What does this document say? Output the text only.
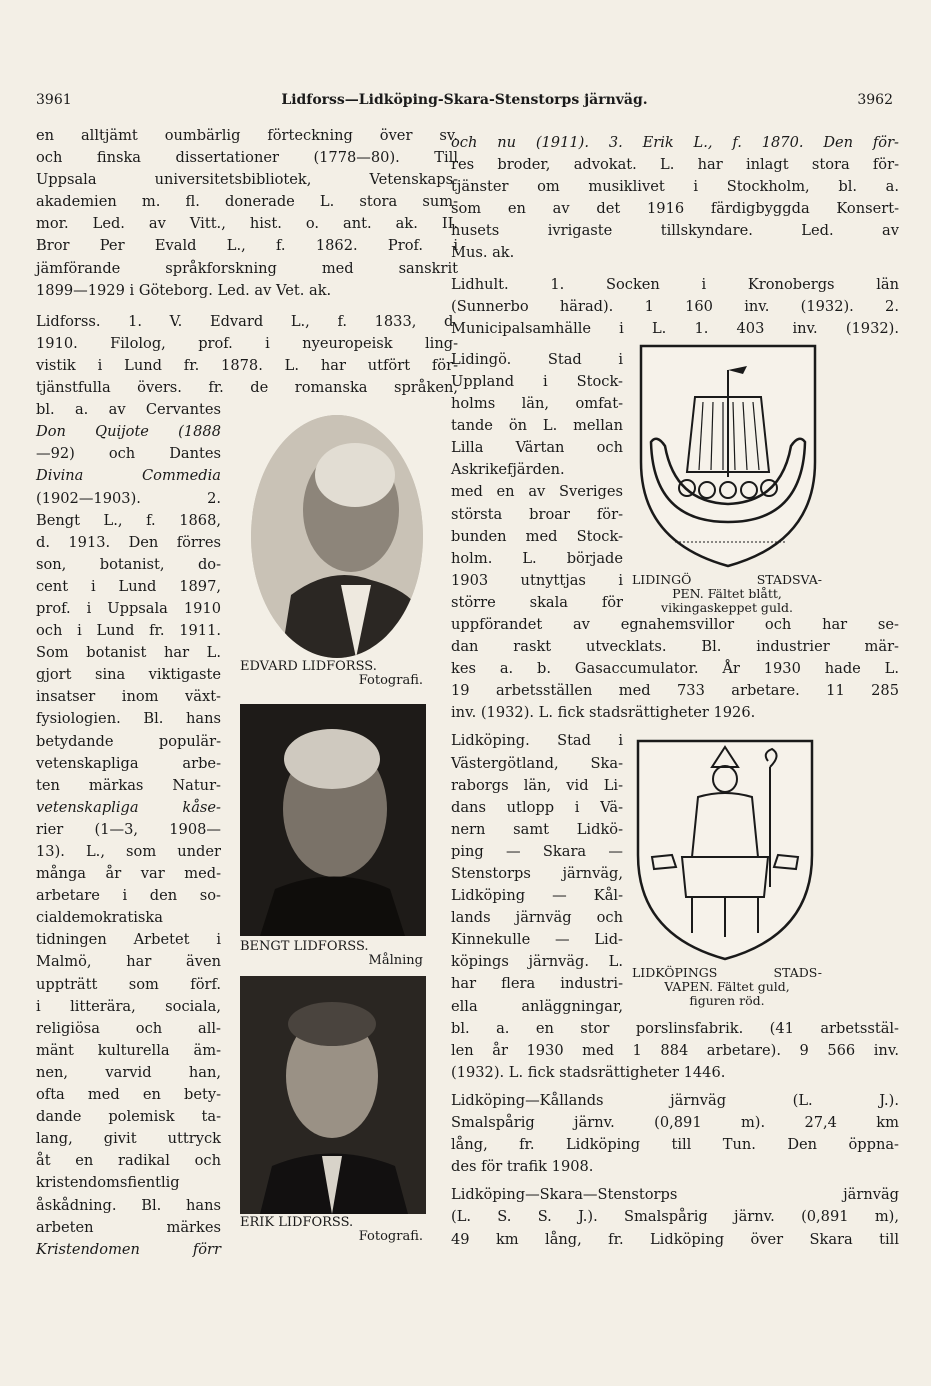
3961	Lidforss—Lidköping-Skara-Stenstorps järnväg.	3962

en alltjämt oumbärlig förteckning över sv.

och finska dissertationer (1778—80). Till

Uppsala universitetsbibliotek, Vetenskaps-

akademien m. fl. donerade L. stora sum-

mor. Led. av Vitt., hist. o. ant. ak. II.

Bror Per Evald L., f. 1862. Prof. i

jämförande språkforskning med sanskrit

1899—1929 i Göteborg. Led. av Vet. ak.

Lidforss. 1. V. Edvard L., f. 1833, d.

1910. Filolog, prof. i nyeuropeisk ling-

vistik i Lund fr. 1878. L. har utfört för-

tjänstfulla övers. fr. de romanska språken,

bl. a. av Cervantes

Don Quijote (1888

—92) och Dantes

Divina Commedia

(1902—1903). 2.

Bengt L., f. 1868,

d. 1913. Den förres

son, botanist, do-

cent i Lund 1897,

prof. i Uppsala 1910

och i Lund fr. 1911.

Som botanist har L.

gjort sina viktigaste

insatser inom växt-

fysiologien. Bl. hans

betydande populär-

vetenskapliga arbe-

ten märkas Natur-

vetenskapliga kåse-

rier (1—3, 1908—

13). L., som under

många år var med-

arbetare i den so-

cialdemokratiska

tidningen Arbetet i

Malmö, har även

uppträtt som förf.

i litterära, sociala,

religiösa och all-

mänt kulturella äm-

nen, varvid han,

ofta med en bety-

dande polemisk ta-

lang, givit uttryck

åt en radikal och

kristendomsfientlig

åskådning. Bl. hans

arbeten märkes

Kristendomen förr

EDVARD LIDFORSS.
Fotografi.
BENGT LIDFORSS.
Målning
ERIK LIDFORSS.
Fotografi.

och nu (1911). 3. Erik L., f. 1870. Den för-

res broder, advokat. L. har inlagt stora för-

tjänster om musiklivet i Stockholm, bl. a.

som en av det 1916 färdigbyggda Konsert-

husets ivrigaste tillskyndare. Led. av

Mus. ak.

Lidhult. 1. Socken i Kronobergs län

(Sunnerbo härad). 1 160 inv. (1932). 2.

Municipalsamhälle i L. 1. 403 inv. (1932).

Lidingö. Stad i

Uppland i Stock-

holms län, omfat-

tande ön L. mellan

Lilla Värtan och

Askrikefjärden.

med en av Sveriges

största broar för-

bunden med Stock-

holm. L. började

1903 utnyttjas i

större skala för

uppförandet av egnahemsvillor och har se-

dan raskt utvecklats. Bl. industrier mär-

kes a. b. Gasaccumulator. År 1930 hade L.

19 arbetsställen med 733 arbetare. 11 285

inv. (1932). L. fick stadsrättigheter 1926.

Lidköping. Stad i

Västergötland, Ska-

raborgs län, vid Li-

dans utlopp i Vä-

nern samt Lidkö-

ping — Skara —

Stenstorps järnväg,

Lidköping — Kål-

lands järnväg och

Kinnekulle — Lid-

köpings järnväg. L.

har flera industri-

ella anläggningar,

bl. a. en stor porslinsfabrik. (41 arbetsstäl-

len år 1930 med 1 884 arbetare). 9 566 inv.

(1932). L. fick stadsrättigheter 1446.

Lidköping—Kållands järnväg (L. J.).

Smalspårig järnv. (0,891 m). 27,4 km

lång, fr. Lidköping till Tun. Den öppna-

des för trafik 1908.

Lidköping—Skara—Stenstorps järnväg

(L. S. S. J.). Smalspårig järnv. (0,891 m),

49 km lång, fr. Lidköping över Skara till

LIDINGÖ STADSVA-
PEN. Fältet blått,
vikingaskeppet guld.
LIDKÖPINGS STADS-
VAPEN. Fältet guld,
figuren röd.
